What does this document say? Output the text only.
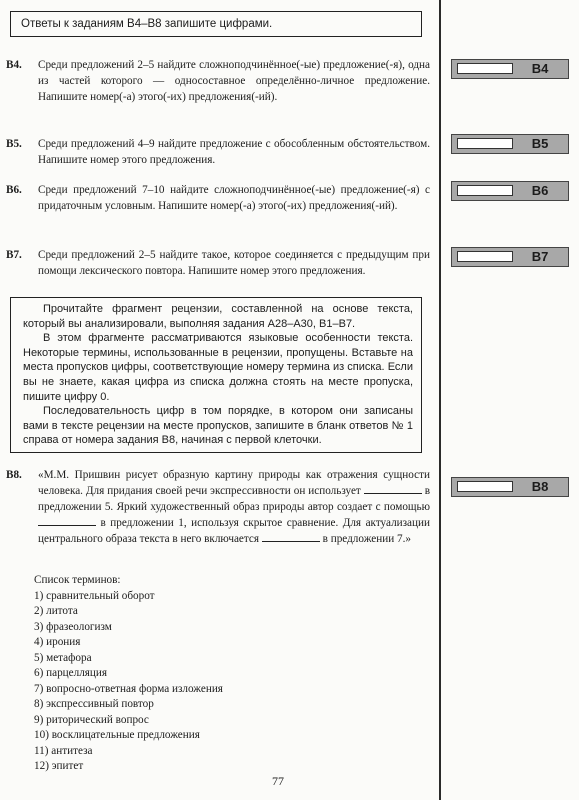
Ответы к заданиям В4–В8 запишите цифрами.
В4. Среди предложений 2–5 найдите сложноподчинённое(-ые) предложение(-я), одна из частей которого — односоставное определённо-личное предложение. Напишите номер(-а) этого(-их) предложения(-ий).
В5. Среди предложений 4–9 найдите предложение с обособленным обстоятельством. Напишите номер этого предложения.
В6. Среди предложений 7–10 найдите сложноподчинённое(-ые) предложение(-я) с придаточным условным. Напишите номер(-а) этого(-их) предложения(-ий).
В7. Среди предложений 2–5 найдите такое, которое соединяется с предыдущим при помощи лексического повтора. Напишите номер этого предложения.

Прочитайте фрагмент рецензии, составленной на основе текста, который вы анализировали, выполняя задания А28–А30, В1–В7.

В этом фрагменте рассматриваются языковые особенности текста. Некоторые термины, использованные в рецензии, пропущены. Вставьте на места пропусков цифры, соответствующие номеру термина из списка. Если вы не знаете, какая цифра из списка должна стоять на месте пропуска, пишите цифру 0.

Последовательность цифр в том порядке, в котором они записаны вами в тексте рецензии на месте пропусков, запишите в бланк ответов № 1 справа от номера задания В8, начиная с первой клеточки.

В8. «М.М. Пришвин рисует образную картину природы как отражения сущности человека. Для придания своей речи экспрессивности он использует	в предложении 5. Яркий художественный образ природы автор создает с помощью  в предложении 1, используя скрытое сравнение. Для актуализации центрального образа текста в него включается	в предложении 7.»
Список терминов:
1) сравнительный оборот
2) литота
3) фразеологизм
4) ирония
5) метафора
6) парцелляция
7) вопросно-ответная форма изложения
8) экспрессивный повтор
9) риторический вопрос
10) восклицательные предложения
11) антитеза
12) эпитет
В4
В5
В6
В7
В8
77
